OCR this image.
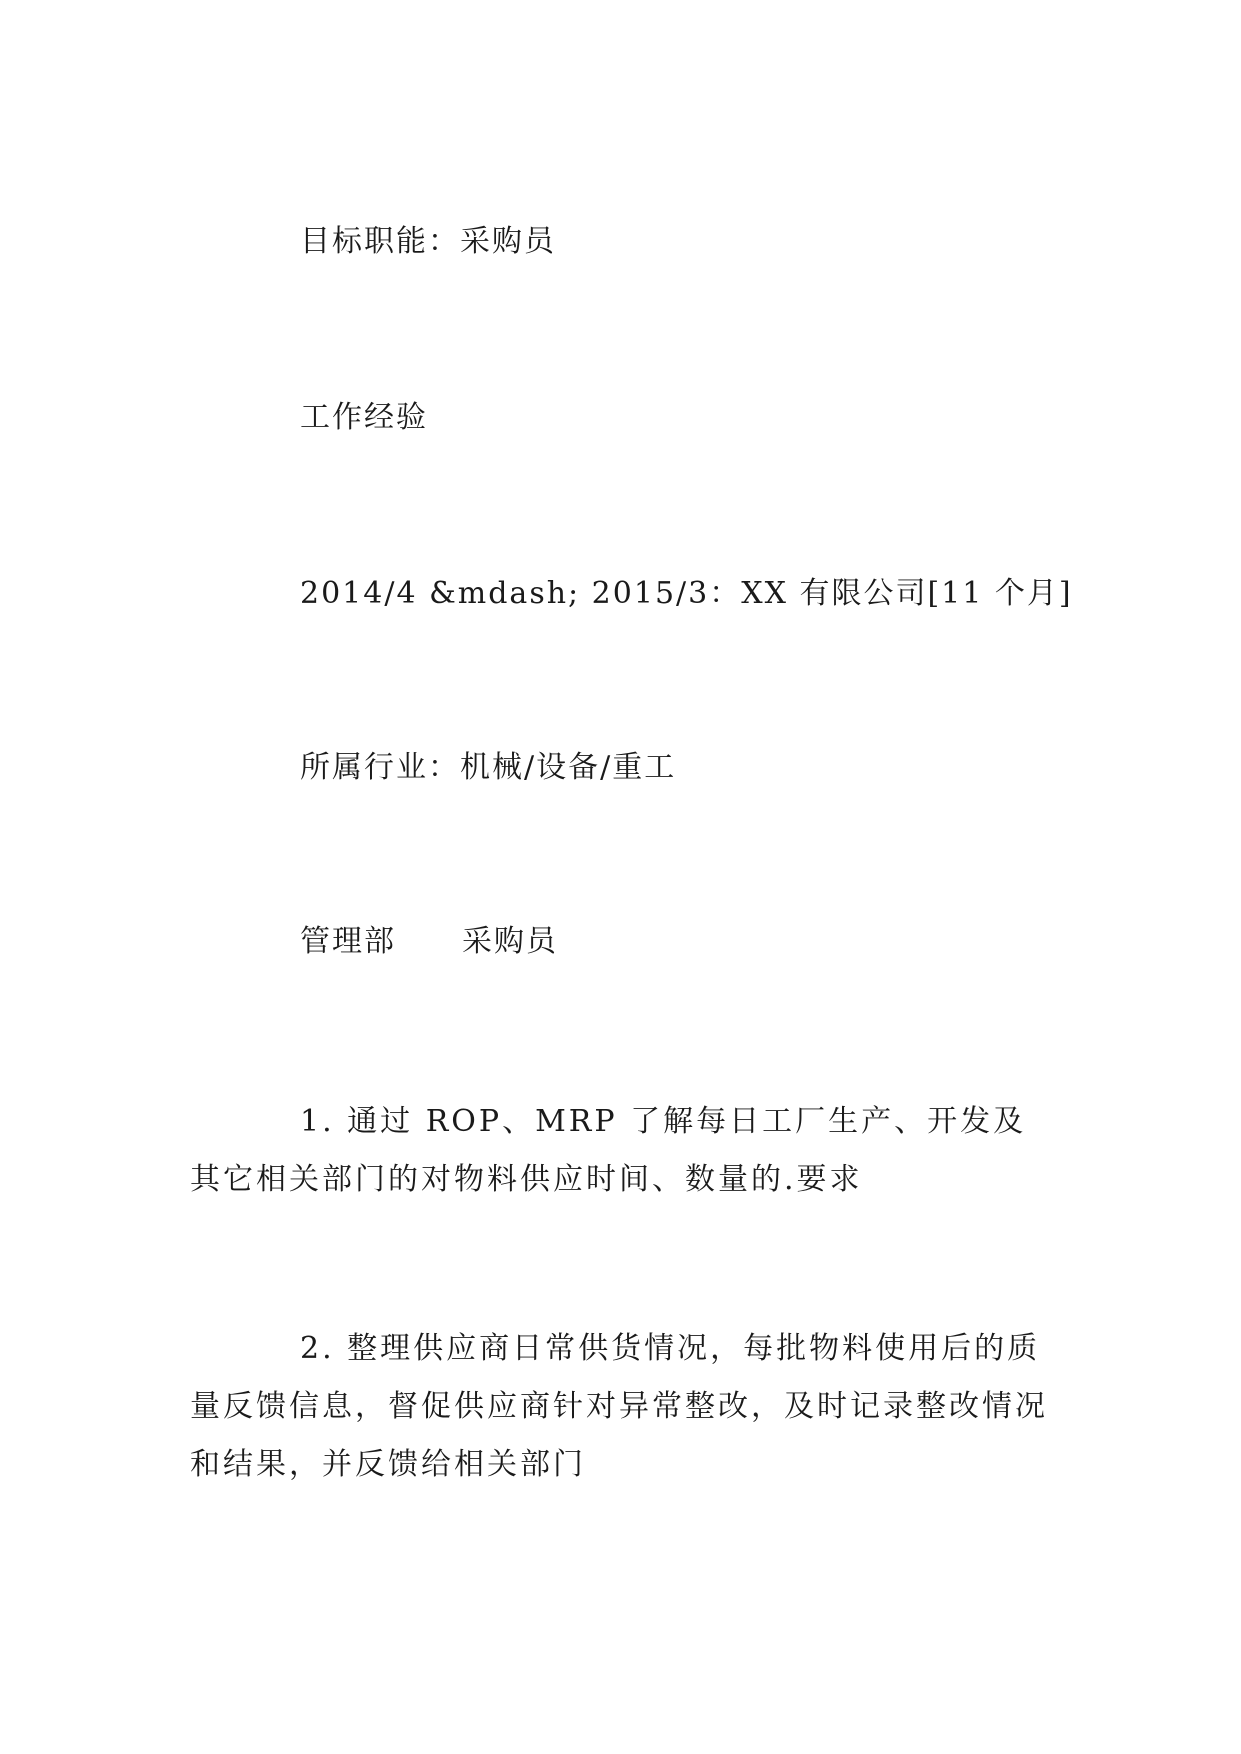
目标职能：采购员
工作经验
2014/4 &mdash; 2015/3：XX 有限公司[11 个月]
所属行业：机械/设备/重工
管理部 采购员
1. 通过 ROP、MRP 了解每日工厂生产、开发及其它相关部门的对物料供应时间、数量的.要求
2. 整理供应商日常供货情况，每批物料使用后的质量反馈信息，督促供应商针对异常整改，及时记录整改情况和结果，并反馈给相关部门
